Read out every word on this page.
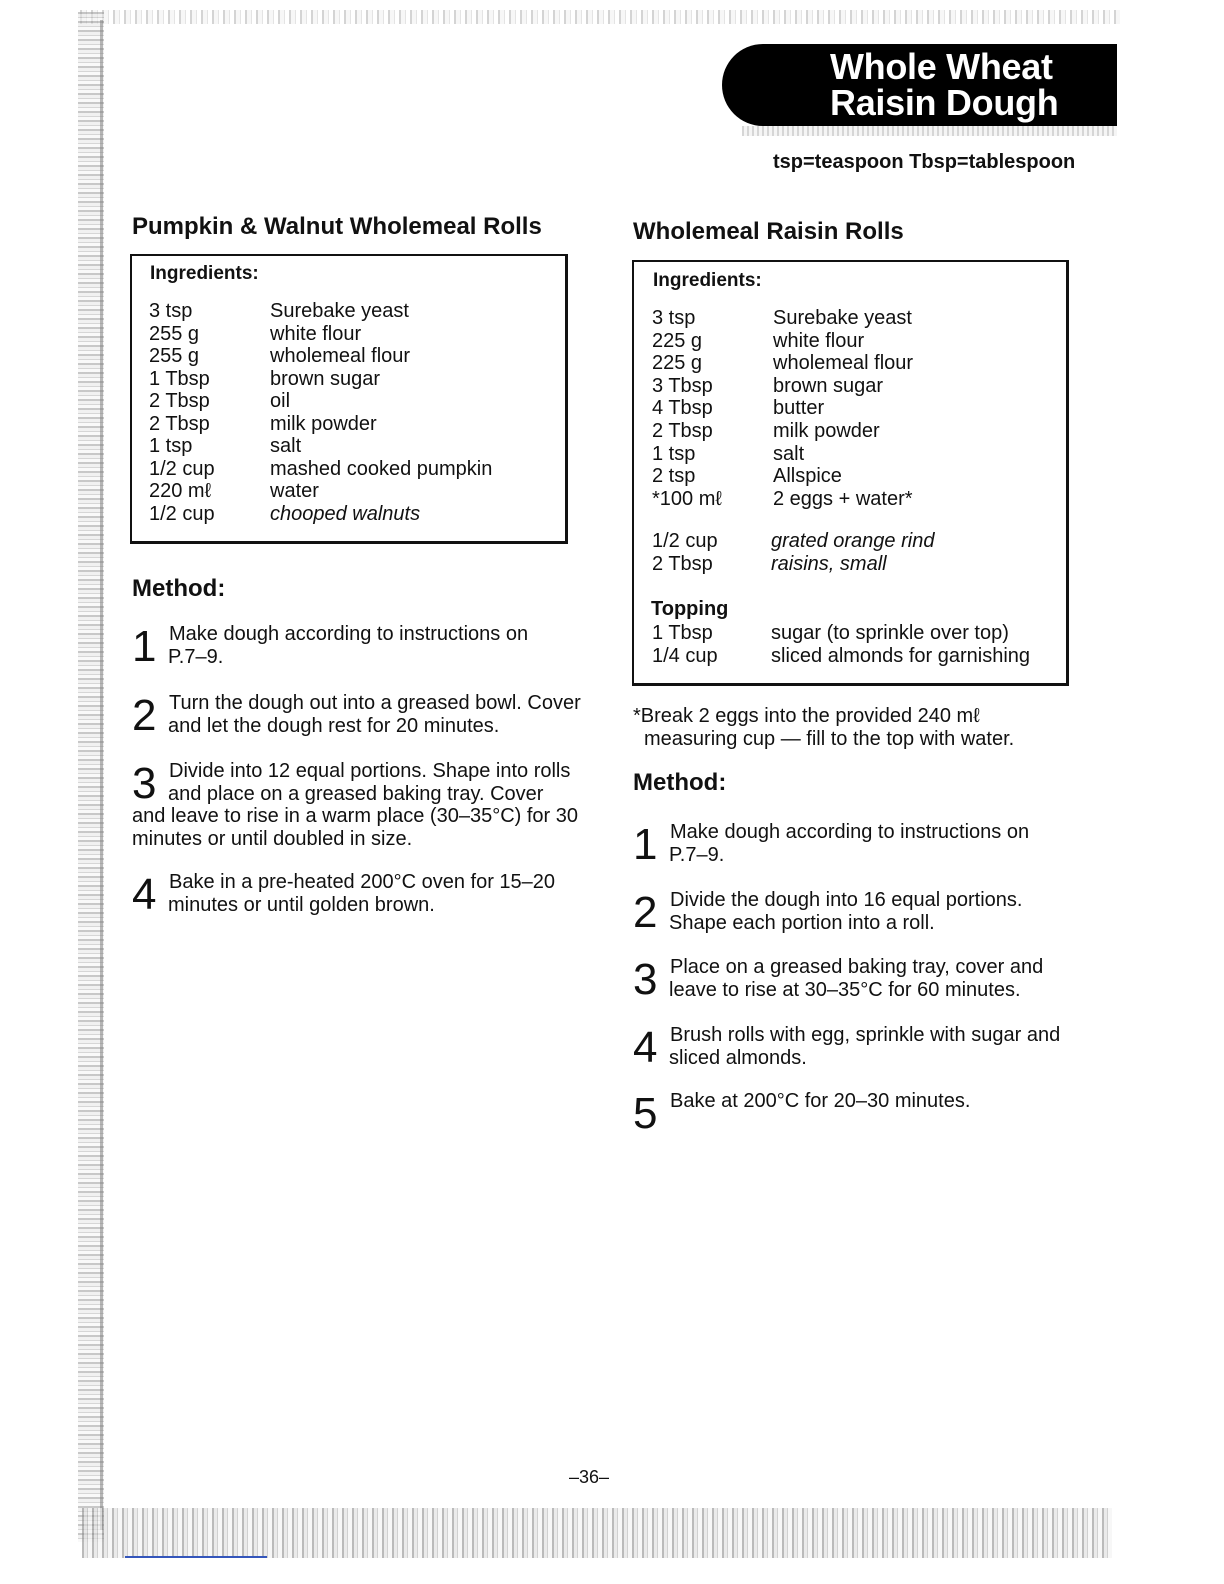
Whole Wheat
Raisin Dough
tsp=teaspoon Tbsp=tablespoon
Pumpkin & Walnut Wholemeal Rolls
Ingredients:
3 tsp	Surebake yeast
255 g	white flour
255 g	wholemeal flour
1 Tbsp	brown sugar
2 Tbsp	oil
2 Tbsp	milk powder
1 tsp	salt
1/2 cup	mashed cooked pumpkin
220 mℓ	water
1/2 cup	chooped walnuts
Method:
1 Make dough according to instructions on
P.7–9.
2 Turn the dough out into a greased bowl. Cover
and let the dough rest for 20 minutes.
3 Divide into 12 equal portions. Shape into rolls
and place on a greased baking tray. Cover
and leave to rise in a warm place (30–35°C) for 30
minutes or until doubled in size.
4 Bake in a pre-heated 200°C oven for 15–20
minutes or until golden brown.
Wholemeal Raisin Rolls
Ingredients:
3 tsp	Surebake yeast
225 g	white flour
225 g	wholemeal flour
3 Tbsp	brown sugar
4 Tbsp	butter
2 Tbsp	milk powder
1 tsp	salt
2 tsp	Allspice
*100 mℓ	2 eggs + water*
1/2 cup	grated orange rind
2 Tbsp	raisins, small
Topping
1 Tbsp	sugar (to sprinkle over top)
1/4 cup	sliced almonds for garnishing
*Break 2 eggs into the provided 240 mℓ
measuring cup — fill to the top with water.
Method:
1 Make dough according to instructions on
P.7–9.
2 Divide the dough into 16 equal portions.
Shape each portion into a roll.
3 Place on a greased baking tray, cover and
leave to rise at 30–35°C for 60 minutes.
4 Brush rolls with egg, sprinkle with sugar and
sliced almonds.
5 Bake at 200°C for 20–30 minutes.
–36–
